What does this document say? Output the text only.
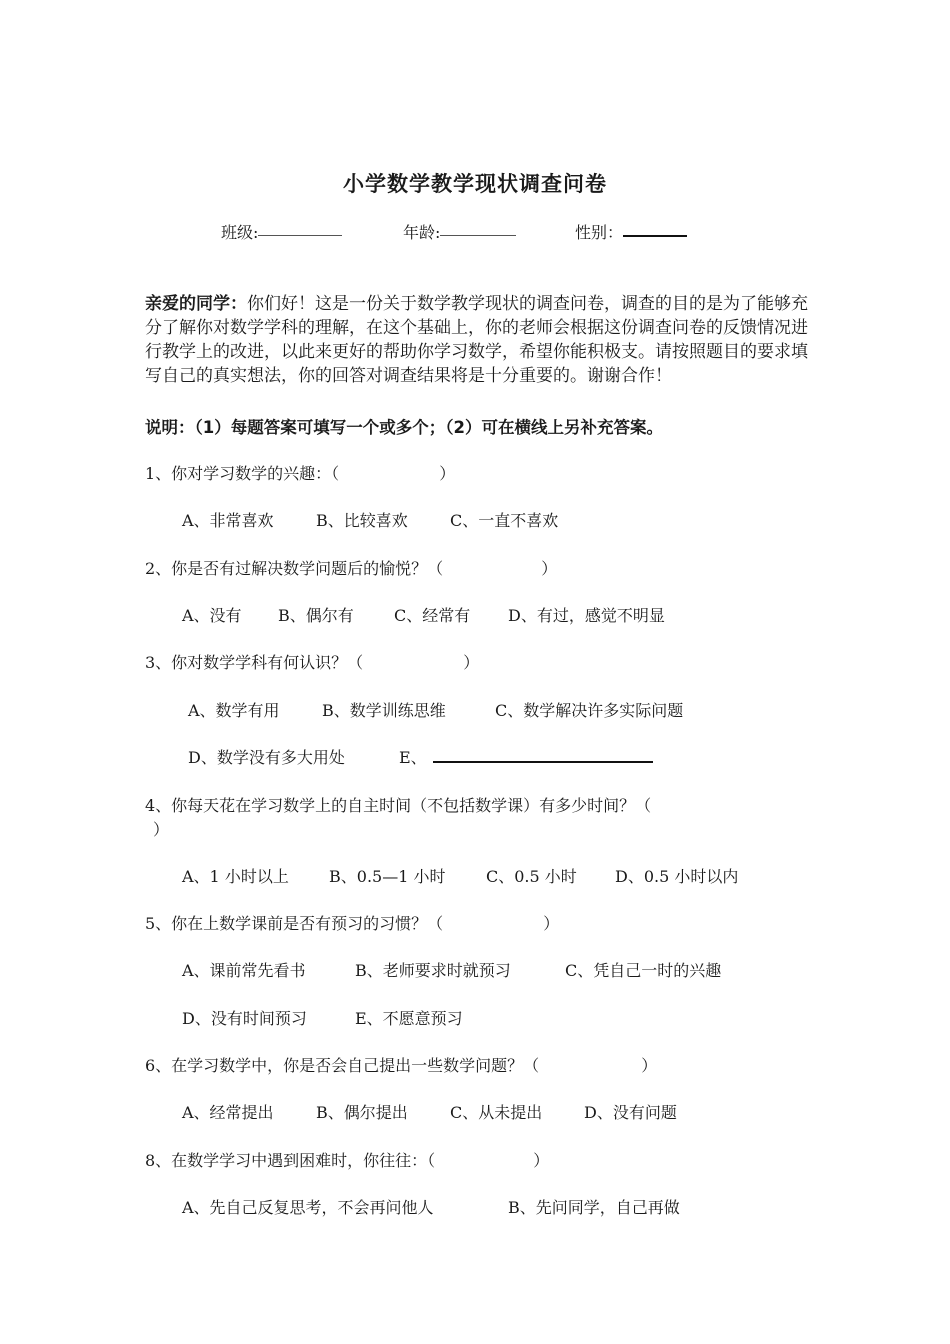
小学数学教学现状调查问卷
班级:	年龄:	性别：
亲爱的同学：你们好！这是一份关于数学教学现状的调查问卷，调查的目的是为了能够充分了解你对数学学科的理解，在这个基础上，你的老师会根据这份调查问卷的反馈情况进行教学上的改进，以此来更好的帮助你学习数学，希望你能积极支。请按照题目的要求填写自己的真实想法，你的回答对调查结果将是十分重要的。谢谢合作！
说明：（1）每题答案可填写一个或多个；（2）可在横线上另补充答案。
1、你对学习数学的兴趣：（	）
A、非常喜欢	B、比较喜欢	C、一直不喜欢
2、你是否有过解决数学问题后的愉悦？（	）
A、没有 B、偶尔有	C、经常有 D、有过，感觉不明显
3、你对数学学科有何认识？（	）
A、数学有用	B、数学训练思维	C、数学解决许多实际问题
D、数学没有多大用处	E、
4、你每天花在学习数学上的自主时间（不包括数学课）有多少时间？（
）
A、1 小时以上	B、0.5—1 小时	C、0.5 小时 D、0.5 小时以内
5、你在上数学课前是否有预习的习惯？（	）
A、课前常先看书	B、老师要求时就预习	C、凭自己一时的兴趣
D、没有时间预习	E、不愿意预习
6、在学习数学中，你是否会自己提出一些数学问题？（	）
A、经常提出	B、偶尔提出	C、从未提出	D、没有问题
8、在数学学习中遇到困难时，你往往：（	）
A、先自己反复思考，不会再问他人	B、先问同学，自己再做
